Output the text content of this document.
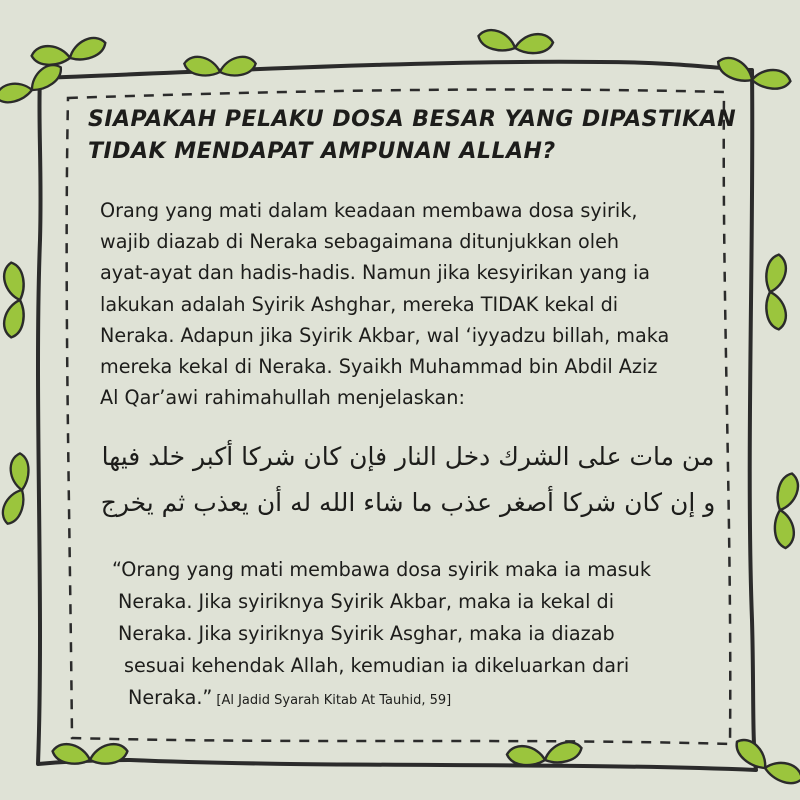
SIAPAKAH PELAKU DOSA BESAR YANG DIPASTIKAN
TIDAK MENDAPAT AMPUNAN ALLAH?
Orang yang mati dalam keadaan membawa dosa syirik,
wajib diazab di Neraka sebagaimana ditunjukkan oleh
ayat-ayat dan hadis-hadis. Namun jika kesyirikan yang ia
lakukan adalah Syirik Ashghar, mereka TIDAK kekal di
Neraka. Adapun jika Syirik Akbar, wal ‘iyyadzu billah, maka
mereka kekal di Neraka. Syaikh Muhammad bin Abdil Aziz
Al Qar’awi rahimahullah menjelaskan:
من مات على الشرك دخل النار فإن كان شركا أكبر خلد فيها
و إن كان شركا أصغر عذب ما شاء الله له أن يعذب ثم يخرج
“Orang yang mati membawa dosa syirik maka ia masuk
Neraka. Jika syiriknya Syirik Akbar, maka ia kekal di
Neraka. Jika syiriknya Syirik Asghar, maka ia diazab
sesuai kehendak Allah, kemudian ia dikeluarkan dari
Neraka.” [Al Jadid Syarah Kitab At Tauhid, 59]
